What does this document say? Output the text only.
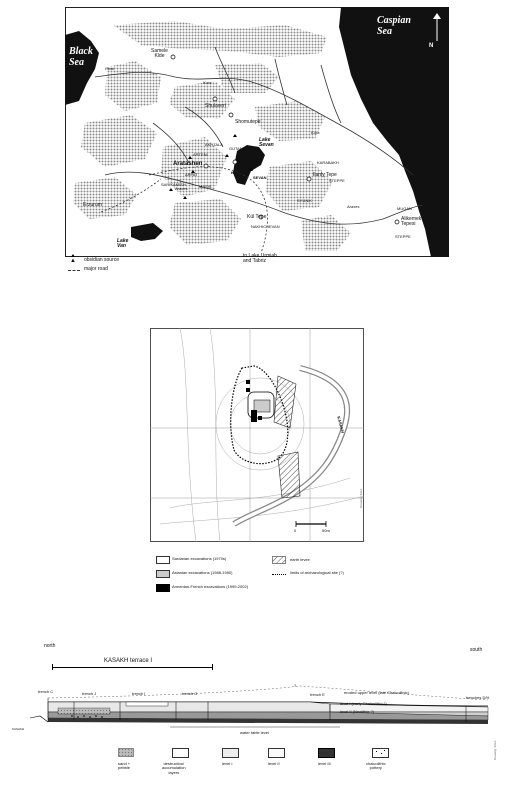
Black
Sea
Caspian
Sea
N
Lake
Sevan
Lake
Van
Samele
Klde
Shulaveri
Shomutepe
Kmlo
Aratashen
Ilanly Tepe
Kül Tepe	Alikemek
Tepesi
AKHTALA
ARTENI
GUTANSAR
SEVAN
SARIKAMISH
Erzurum
KARABAKH
STEPPE
MUGAN
STEPPE
NAKHICHEVAN
SYUNIK
ARFAT
MASIS
Kura
Kura
Araxes
Araxes
Rioni
to Lake Urmiah
and Tabriz
▲ obsidian source
major road
KASAKH
0	50m
Drawing: IFEA
Sardarian excavations (1970s)
Aslanian excavations (1988-1990)
Armenian-French excavations (1999-2002)
earth levee
limits of archaeological site (?)
north
south
KASAKH terrace I
trench C	trench J	trench I	trench G	trench E
trenches D/H
?
eroded upper level (late Chalcolithic)
level I (early Chalcolithic?)
level II (Neolithic ?)
KASAKH
water table level
Drawing: IFEA
sand +
pebble
destruction/
accumulation
layers
level I	level II	level III	chalcolithic
pottery
